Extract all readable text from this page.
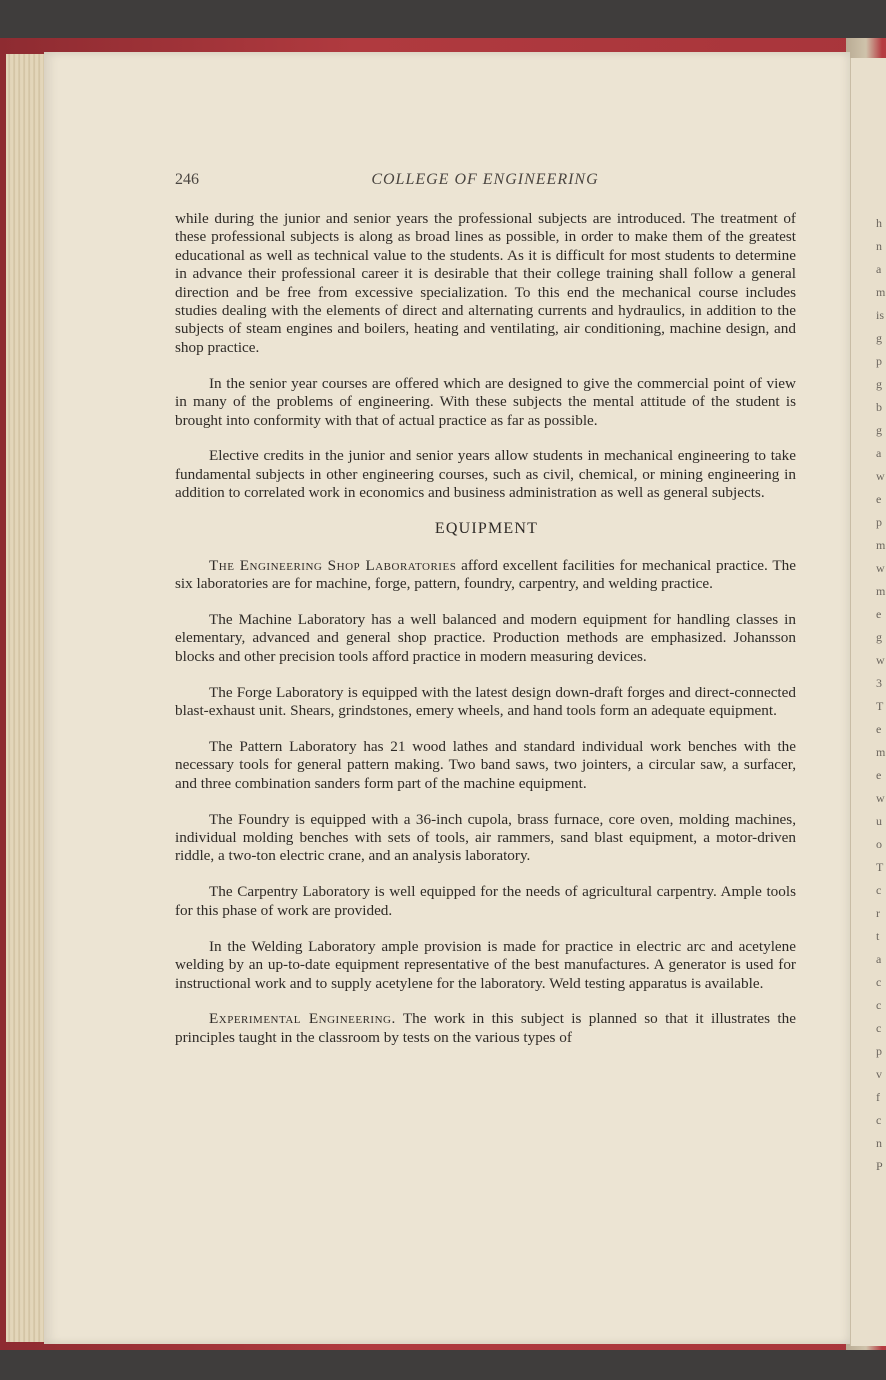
h
n
a
m
is
g
p
g
b
g
a
w
e
p
m
w
m
e
g
w
3
T
e
m
e
w
u
o
T
c
r
t
a
c
c
c
p
v
f
c
n
P
246	COLLEGE OF ENGINEERING

while during the junior and senior years the professional subjects are introduced. The treatment of these professional subjects is along as broad lines as possible, in order to make them of the greatest educational as well as technical value to the students. As it is difficult for most students to determine in advance their professional career it is desirable that their college training shall follow a general direction and be free from excessive specialization. To this end the mechanical course includes studies dealing with the elements of direct and alternating currents and hydraulics, in addition to the subjects of steam engines and boilers, heating and ventilating, air conditioning, machine design, and shop practice.

In the senior year courses are offered which are designed to give the commercial point of view in many of the problems of engineering. With these subjects the mental attitude of the student is brought into conformity with that of actual practice as far as possible.

Elective credits in the junior and senior years allow students in mechanical engineering to take fundamental subjects in other engineering courses, such as civil, chemical, or mining engineering in addition to correlated work in economics and business administration as well as general subjects.

EQUIPMENT

The Engineering Shop Laboratories afford excellent facilities for mechanical practice. The six laboratories are for machine, forge, pattern, foundry, carpentry, and welding practice.

The Machine Laboratory has a well balanced and modern equipment for handling classes in elementary, advanced and general shop practice. Production methods are emphasized. Johansson blocks and other precision tools afford practice in modern measuring devices.

The Forge Laboratory is equipped with the latest design down-draft forges and direct-connected blast-exhaust unit. Shears, grindstones, emery wheels, and hand tools form an adequate equipment.

The Pattern Laboratory has 21 wood lathes and standard individual work benches with the necessary tools for general pattern making. Two band saws, two jointers, a circular saw, a surfacer, and three combination sanders form part of the machine equipment.

The Foundry is equipped with a 36-inch cupola, brass furnace, core oven, molding machines, individual molding benches with sets of tools, air rammers, sand blast equipment, a motor-driven riddle, a two-ton electric crane, and an analysis laboratory.

The Carpentry Laboratory is well equipped for the needs of agricultural carpentry. Ample tools for this phase of work are provided.

In the Welding Laboratory ample provision is made for practice in electric arc and acetylene welding by an up-to-date equipment representative of the best manufactures. A generator is used for instructional work and to supply acetylene for the laboratory. Weld testing apparatus is available.

Experimental Engineering. The work in this subject is planned so that it illustrates the principles taught in the classroom by tests on the various types of
